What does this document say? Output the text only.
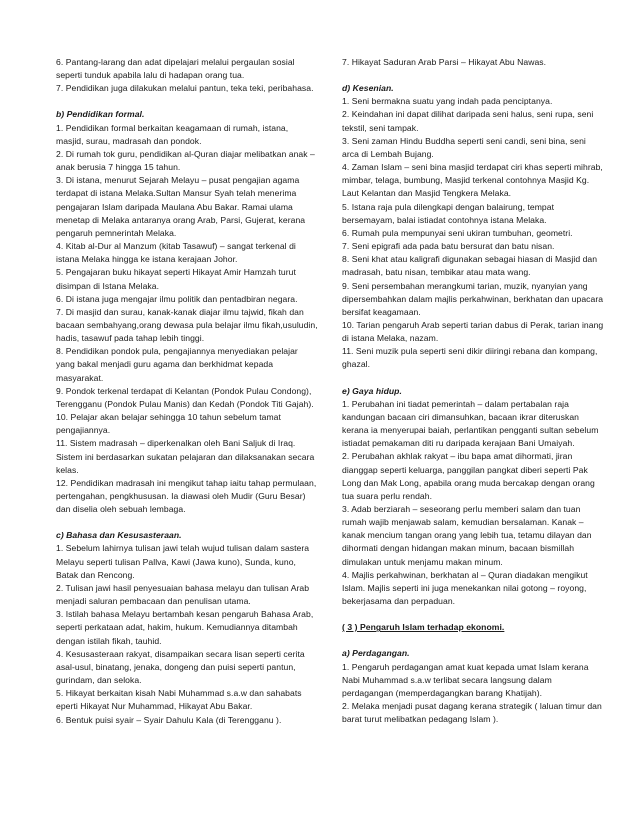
6. Pantang-larang dan adat dipelajari melalui pergaulan sosial seperti tunduk apabila lalu di hadapan orang tua.

7. Pendidikan juga dilakukan melalui pantun, teka teki, peribahasa.

b) Pendidikan formal.

1. Pendidikan formal berkaitan keagamaan di rumah, istana, masjid, surau, madrasah dan pondok.

2. Di rumah tok guru, pendidikan al-Quran diajar melibatkan anak – anak berusia 7 hingga 15 tahun.

3. Di istana, menurut Sejarah Melayu – pusat pengajian agama terdapat di istana Melaka.Sultan Mansur Syah telah menerima pengajaran Islam daripada Maulana Abu Bakar. Ramai ulama menetap di Melaka antaranya orang Arab, Parsi, Gujerat, kerana pengaruh pemnerintah Melaka.

4. Kitab al-Dur al Manzum (kitab Tasawuf) – sangat terkenal di istana Melaka hingga ke istana kerajaan Johor.

5. Pengajaran buku hikayat seperti Hikayat Amir Hamzah turut disimpan di Istana Melaka.

6. Di istana juga mengajar ilmu politik dan pentadbiran negara.

7. Di masjid dan surau, kanak-kanak diajar ilmu tajwid, fikah dan bacaan sembahyang,orang dewasa pula belajar ilmu fikah,usuludin, hadis, tasawuf pada tahap lebih tinggi.

8. Pendidikan pondok pula, pengajiannya menyediakan pelajar yang bakal menjadi guru agama dan berkhidmat kepada masyarakat.

9. Pondok terkenal terdapat di Kelantan (Pondok Pulau Condong), Terengganu (Pondok Pulau Manis) dan Kedah (Pondok Titi Gajah).

10. Pelajar akan belajar sehingga 10 tahun sebelum tamat pengajiannya.

11. Sistem madrasah – diperkenalkan oleh Bani Saljuk di Iraq. Sistem ini berdasarkan sukatan pelajaran dan dilaksanakan secara kelas.

12. Pendidikan madrasah ini mengikut tahap iaitu tahap permulaan, pertengahan, pengkhususan. Ia diawasi oleh Mudir (Guru Besar) dan diselia oleh sebuah lembaga.

c) Bahasa dan Kesusasteraan.

1. Sebelum lahirnya tulisan jawi telah wujud tulisan dalam sastera Melayu seperti tulisan Pallva, Kawi (Jawa kuno), Sunda, kuno, Batak dan Rencong.

2. Tulisan jawi hasil penyesuaian bahasa melayu dan tulisan Arab menjadi saluran pembacaan dan penulisan utama.

3. Istilah bahasa Melayu bertambah kesan pengaruh Bahasa Arab, seperti perkataan adat, hakim, hukum. Kemudiannya ditambah dengan istilah fikah, tauhid.

4. Kesusasteraan rakyat, disampaikan secara lisan seperti cerita asal-usul, binatang, jenaka, dongeng dan puisi seperti pantun, gurindam, dan seloka.

5. Hikayat berkaitan kisah Nabi Muhammad s.a.w dan sahabats eperti Hikayat Nur Muhammad, Hikayat Abu Bakar.

6. Bentuk puisi syair – Syair Dahulu Kala (di Terengganu ).

7. Hikayat Saduran Arab Parsi – Hikayat Abu Nawas.

d) Kesenian.

1. Seni bermakna suatu yang indah pada penciptanya.

2. Keindahan ini dapat dilihat daripada seni halus, seni rupa, seni tekstil, seni tampak.

3. Seni zaman Hindu Buddha seperti seni candi, seni bina, seni arca di Lembah Bujang.

4. Zaman Islam – seni bina masjid terdapat ciri khas seperti mihrab, mimbar, telaga, bumbung, Masjid terkenal contohnya Masjid Kg. Laut Kelantan dan Masjid Tengkera Melaka.

5. Istana raja pula dilengkapi dengan balairung, tempat bersemayam, balai istiadat contohnya istana Melaka.

6. Rumah pula mempunyai seni ukiran tumbuhan, geometri.

7. Seni epigrafi ada pada batu bersurat dan batu nisan.

8. Seni khat atau kaligrafi digunakan sebagai hiasan di Masjid dan madrasah, batu nisan, tembikar atau mata wang.

9. Seni persembahan merangkumi tarian, muzik, nyanyian yang dipersembahkan dalam majlis perkahwinan, berkhatan dan upacara bersifat keagamaan.

10. Tarian pengaruh Arab seperti tarian dabus di Perak, tarian inang di istana Melaka, nazam.

11. Seni muzik pula seperti seni dikir diiringi rebana dan kompang, ghazal.

e) Gaya hidup.

1. Perubahan ini tiadat pemerintah – dalam pertabalan raja kandungan bacaan ciri dimansuhkan, bacaan ikrar diteruskan kerana ia menyerupai baiah, perlantikan pengganti sultan sebelum istiadat pemakaman diti ru daripada kerajaan Bani Umaiyah.

2. Perubahan akhlak rakyat – ibu bapa amat dihormati, jiran dianggap seperti keluarga, panggilan pangkat diberi seperti Pak Long dan Mak Long, apabila orang muda bercakap dengan orang tua suara perlu rendah.

3. Adab berziarah – seseorang perlu memberi salam dan tuan rumah wajib menjawab salam, kemudian bersalaman. Kanak – kanak mencium tangan orang yang lebih tua, tetamu dilayan dan dihormati dengan hidangan makan minum, bacaan bismillah dimulakan untuk menjamu makan minum.

4. Majlis perkahwinan, berkhatan al – Quran diadakan mengikut Islam. Majlis seperti ini juga menekankan nilai gotong – royong, bekerjasama dan perpaduan.

( 3 ) Pengaruh Islam terhadap ekonomi.

a) Perdagangan.

1. Pengaruh perdagangan amat kuat kepada umat Islam kerana Nabi Muhammad s.a.w terlibat secara langsung dalam perdagangan (memperdagangkan barang Khatijah).

2. Melaka menjadi pusat dagang kerana strategik ( laluan timur dan barat turut melibatkan pedagang Islam ).
